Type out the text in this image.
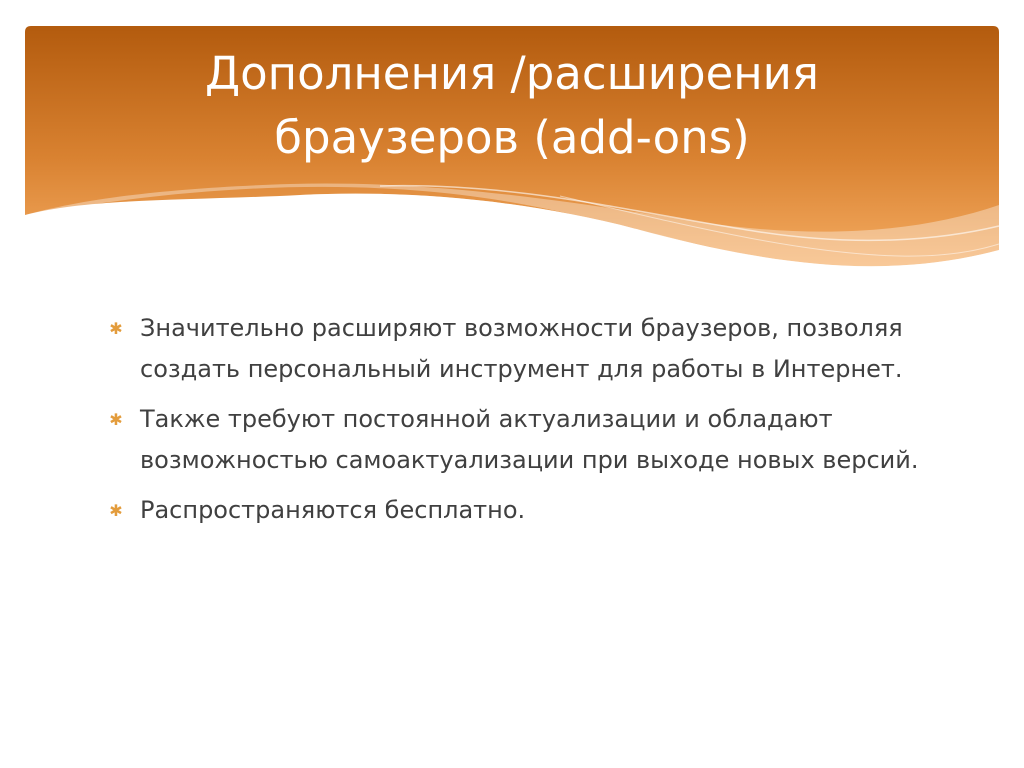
Дополнения /расширения браузеров (add-ons)
✱ Значительно расширяют возможности браузеров, позволяя создать персональный инструмент для работы в Интернет.
✱ Также требуют постоянной актуализации и обладают возможностью самоактуализации при выходе новых версий.
✱ Распространяются бесплатно.
